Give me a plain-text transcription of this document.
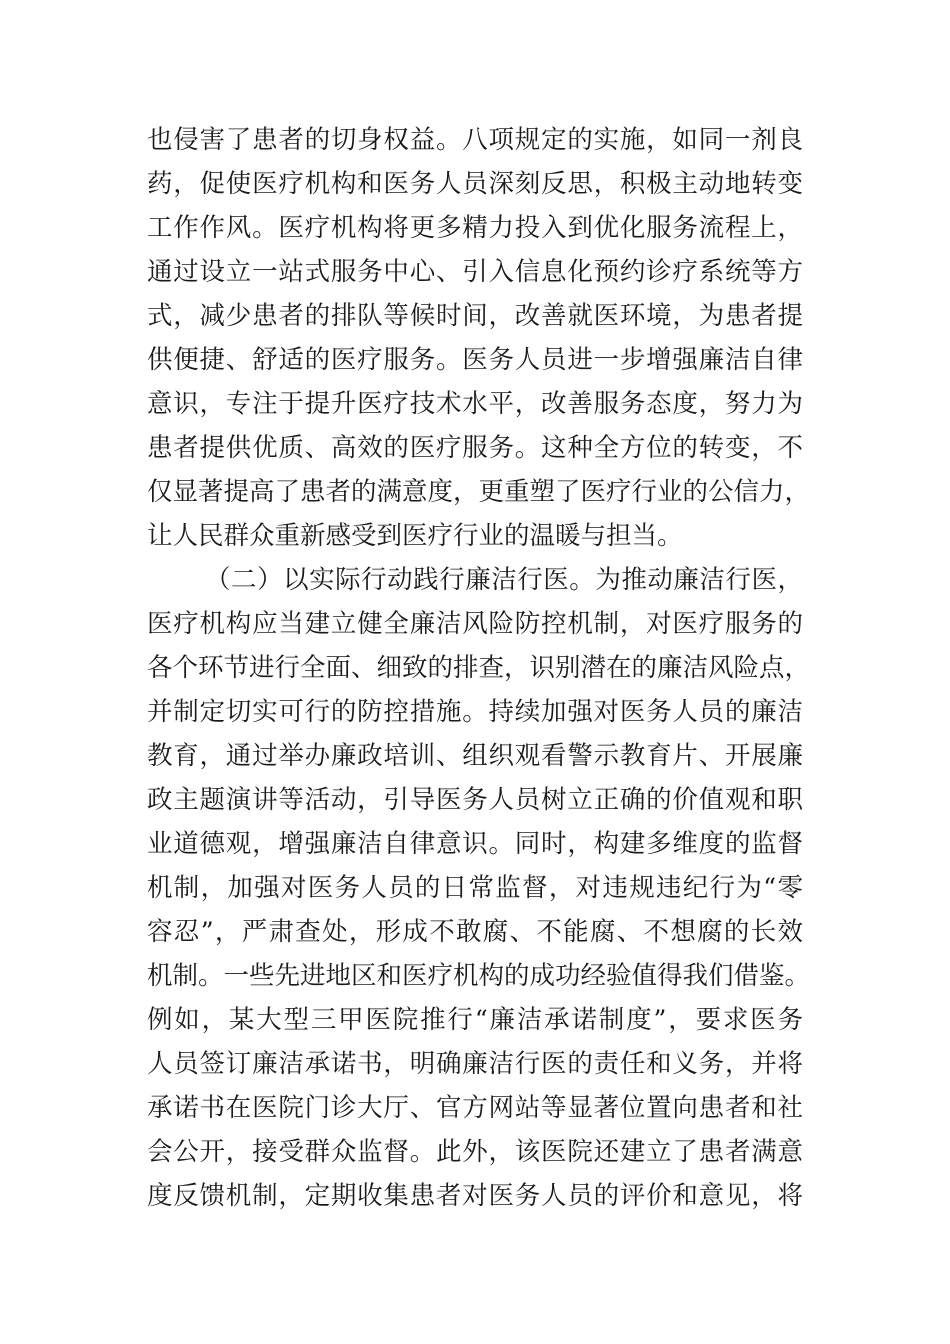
也侵害了患者的切身权益。八项规定的实施，如同一剂良
药，促使医疗机构和医务人员深刻反思，积极主动地转变
工作作风。医疗机构将更多精力投入到优化服务流程上，
通过设立一站式服务中心、引入信息化预约诊疗系统等方
式，减少患者的排队等候时间，改善就医环境，为患者提
供便捷、舒适的医疗服务。医务人员进一步增强廉洁自律
意识，专注于提升医疗技术水平，改善服务态度，努力为
患者提供优质、高效的医疗服务。这种全方位的转变，不
仅显著提高了患者的满意度，更重塑了医疗行业的公信力，
让人民群众重新感受到医疗行业的温暖与担当。
（二）以实际行动践行廉洁行医。为推动廉洁行医，
医疗机构应当建立健全廉洁风险防控机制，对医疗服务的
各个环节进行全面、细致的排查，识别潜在的廉洁风险点，
并制定切实可行的防控措施。持续加强对医务人员的廉洁
教育，通过举办廉政培训、组织观看警示教育片、开展廉
政主题演讲等活动，引导医务人员树立正确的价值观和职
业道德观，增强廉洁自律意识。同时，构建多维度的监督
机制，加强对医务人员的日常监督，对违规违纪行为“零
容忍”，严肃查处，形成不敢腐、不能腐、不想腐的长效
机制。一些先进地区和医疗机构的成功经验值得我们借鉴。
例如，某大型三甲医院推行“廉洁承诺制度”，要求医务
人员签订廉洁承诺书，明确廉洁行医的责任和义务，并将
承诺书在医院门诊大厅、官方网站等显著位置向患者和社
会公开，接受群众监督。此外，该医院还建立了患者满意
度反馈机制，定期收集患者对医务人员的评价和意见，将
